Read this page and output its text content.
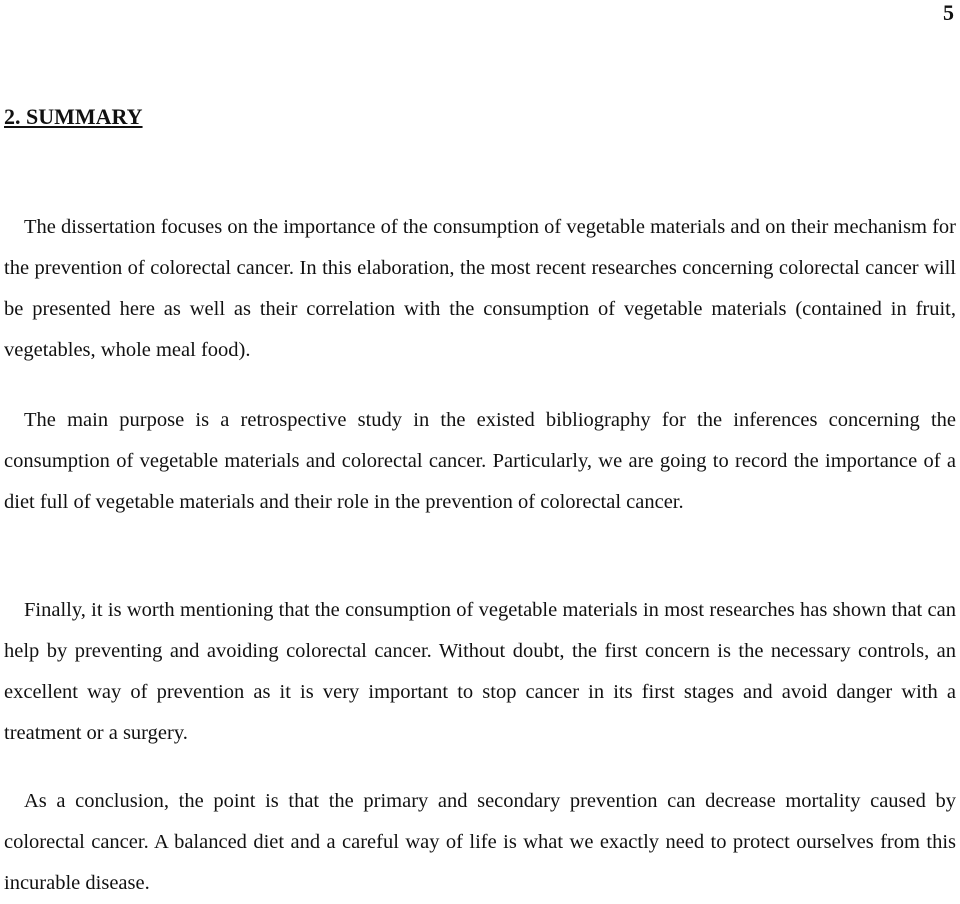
5
2. SUMMARY

The dissertation focuses on the importance of the consumption of vegetable materials and on their mechanism for the prevention of colorectal cancer. In this elaboration, the most recent researches concerning colorectal cancer will be presented here as well as their correlation with the consumption of vegetable materials (contained in fruit, vegetables, whole meal food).

The main purpose is a retrospective study in the existed bibliography for the inferences concerning the consumption of vegetable materials and colorectal cancer. Particularly, we are going to record the importance of a diet full of vegetable materials and their role in the prevention of colorectal cancer.

Finally, it is worth mentioning that the consumption of vegetable materials in most researches has shown that can help by preventing and avoiding colorectal cancer. Without doubt, the first concern is the necessary controls, an excellent way of prevention as it is very important to stop cancer in its first stages and avoid danger with a treatment or a surgery.

As a conclusion, the point is that the primary and secondary prevention can decrease mortality caused by colorectal cancer. A balanced diet and a careful way of life is what we exactly need to protect ourselves from this incurable disease.
